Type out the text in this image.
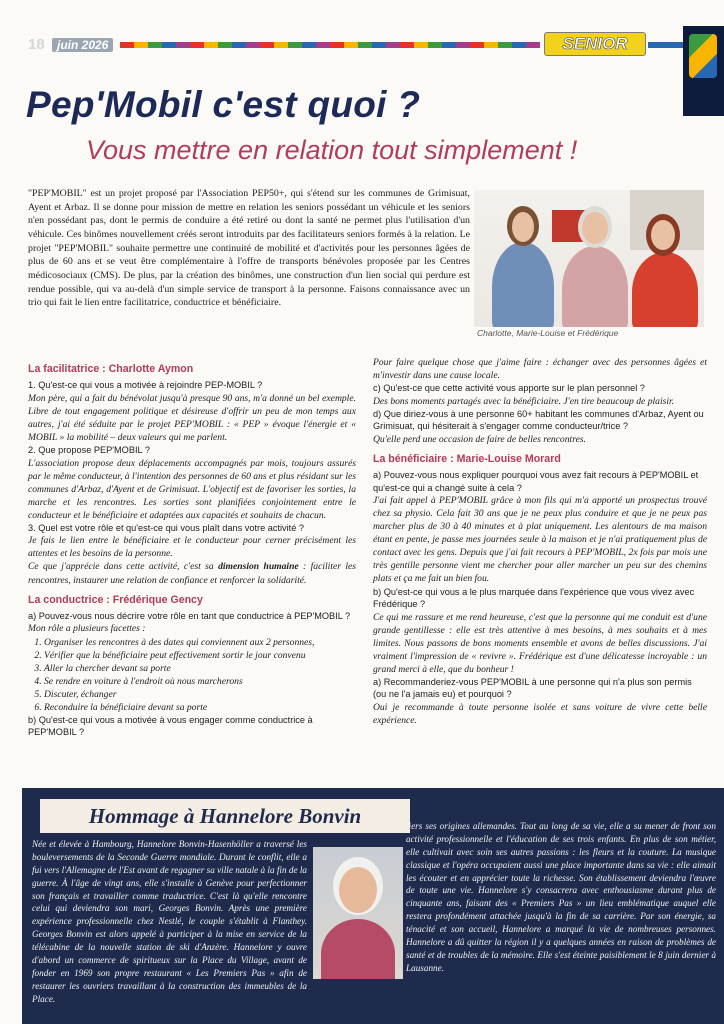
18	juin 2026	SENIOR
Pep'Mobil c'est quoi ?
Vous mettre en relation tout simplement !

"PEP'MOBIL" est un projet proposé par l'Association PEP50+, qui s'étend sur les communes de Grimisuat, Ayent et Arbaz. Il se donne pour mission de mettre en relation les seniors possédant un véhicule et les seniors n'en possédant pas, dont le permis de conduire a été retiré ou dont la santé ne permet plus l'utilisation d'un véhicule. Ces binômes nouvellement créés seront introduits par des facilitateurs seniors formés à la relation. Le projet "PEP'MOBIL" souhaite permettre une continuité de mobilité et d'activités pour les personnes âgées de plus de 60 ans et se veut être complémentaire à l'offre de transports bénévoles proposée par les Centres médicosociaux (CMS). De plus, par la création des binômes, une construction d'un lien social qui perdure est rendue possible, qui va au-delà d'un simple service de transport à la personne. Faisons connaissance avec un trio qui fait le lien entre facilitatrice, conductrice et bénéficiaire.

Charlotte, Marie-Louise et Frédérique

La facilitatrice : Charlotte Aymon

1. Qu'est-ce qui vous a motivée à rejoindre PEP-MOBIL ?

Mon père, qui a fait du bénévolat jusqu'à presque 90 ans, m'a donné un bel exemple. Libre de tout engagement politique et désireuse d'offrir un peu de mon temps aux autres, j'ai été séduite par le projet PEP'MOBIL : « PEP » évoque l'énergie et « MOBIL » la mobilité – deux valeurs qui me parlent.

2. Que propose PEP'MOBIL ?

L'association propose deux déplacements accompagnés par mois, toujours assurés par le même conducteur, à l'intention des personnes de 60 ans et plus résidant sur les communes d'Arbaz, d'Ayent et de Grimisuat. L'objectif est de favoriser les sorties, la marche et les rencontres. Les sorties sont planifiées conjointement entre le conducteur et le bénéficiaire et adaptées aux capacités et souhaits de chacun.

3. Quel est votre rôle et qu'est-ce qui vous plaît dans votre activité ?

Je fais le lien entre le bénéficiaire et le conducteur pour cerner précisément les attentes et les besoins de la personne.

Ce que j'apprécie dans cette activité, c'est sa dimension humaine : faciliter les rencontres, instaurer une relation de confiance et renforcer la solidarité.

La conductrice : Frédérique Gency

a) Pouvez-vous nous décrire votre rôle en tant que conductrice à PEP'MOBIL ?

Mon rôle a plusieurs facettes :

1. Organiser les rencontres à des dates qui conviennent aux 2 personnes,
2. Vérifier que la bénéficiaire peut effectivement sortir le jour convenu
3. Aller la chercher devant sa porte
4. Se rendre en voiture à l'endroit où nous marcherons
5. Discuter, échanger
6. Reconduire la bénéficiaire devant sa porte

b) Qu'est-ce qui vous a motivée à vous engager comme conductrice à PEP'MOBIL ?

Pour faire quelque chose que j'aime faire : échanger avec des personnes âgées et m'investir dans une cause locale.

c) Qu'est-ce que cette activité vous apporte sur le plan personnel ?

Des bons moments partagés avec la bénéficiaire. J'en tire beaucoup de plaisir.

d) Que diriez-vous à une personne 60+ habitant les communes d'Arbaz, Ayent ou Grimisuat, qui hésiterait à s'engager comme conducteur/trice ?

Qu'elle perd une occasion de faire de belles rencontres.

La bénéficiaire : Marie-Louise Morard

a) Pouvez-vous nous expliquer pourquoi vous avez fait recours à PEP'MOBIL et qu'est-ce qui a changé suite à cela ?

J'ai fait appel à PEP'MOBIL grâce à mon fils qui m'a apporté un prospectus trouvé chez sa physio. Cela fait 30 ans que je ne peux plus conduire et que je ne peux pas marcher plus de 30 à 40 minutes et à plat uniquement. Les alentours de ma maison étant en pente, je passe mes journées seule à la maison et je n'ai pratiquement plus de contact avec les gens. Depuis que j'ai fait recours à PEP'MOBIL, 2x fois par mois une très gentille personne vient me chercher pour aller marcher un peu sur des chemins plats et ça me fait un bien fou.

b) Qu'est-ce qui vous a le plus marquée dans l'expérience que vous vivez avec Frédérique ?

Ce qui me rassure et me rend heureuse, c'est que la personne qui me conduit est d'une grande gentillesse : elle est très attentive à mes besoins, à mes souhaits et à mes limites. Nous passons de bons moments ensemble et avons de belles discussions. J'ai vraiment l'impression de « revivre ». Frédérique est d'une délicatesse incroyable : un grand merci à elle, que du bonheur !

a) Recommanderiez-vous PEP'MOBIL à une personne qui n'a plus son permis (ou ne l'a jamais eu) et pourquoi ?

Oui je recommande à toute personne isolée et sans voiture de vivre cette belle expérience.

Hommage à Hannelore Bonvin

Née et élevée à Hambourg, Hannelore Bonvin-Hasenhöller a traversé les bouleversements de la Seconde Guerre mondiale. Durant le conflit, elle a fui vers l'Allemagne de l'Est avant de regagner sa ville natale à la fin de la guerre. À l'âge de vingt ans, elle s'installe à Genève pour perfectionner son français et travailler comme traductrice. C'est là qu'elle rencontre celui qui deviendra son mari, Georges Bonvin. Après une première expérience professionnelle chez Nestlé, le couple s'établit à Flanthey. Georges Bonvin est alors appelé à participer à la mise en service de la télécabine de la nouvelle station de ski d'Anzère. Hannelore y ouvre d'abord un commerce de spiritueux sur la Place du Village, avant de fonder en 1969 son propre restaurant « Les Premiers Pas » afin de restaurer les ouvriers travaillant à la construction des immeubles de la Place.

tiers ses origines allemandes. Tout au long de sa vie, elle a su mener de front son activité professionnelle et l'éducation de ses trois enfants. En plus de son métier, elle cultivait avec soin ses autres passions : les fleurs et la couture. La musique classique et l'opéra occupaient aussi une place importante dans sa vie : elle aimait les écouter et en apprécier toute la richesse. Son établissement deviendra l'œuvre de toute une vie. Hannelore s'y consacrera avec enthousiasme durant plus de cinquante ans, faisant des « Premiers Pas » un lieu emblématique auquel elle restera profondément attachée jusqu'à la fin de sa carrière. Par son énergie, sa ténacité et son accueil, Hannelore a marqué la vie de nombreuses personnes. Hannelore a dû quitter la région il y a quelques années en raison de problèmes de santé et de troubles de la mémoire. Elle s'est éteinte paisiblement le 8 juin dernier à Lausanne.
